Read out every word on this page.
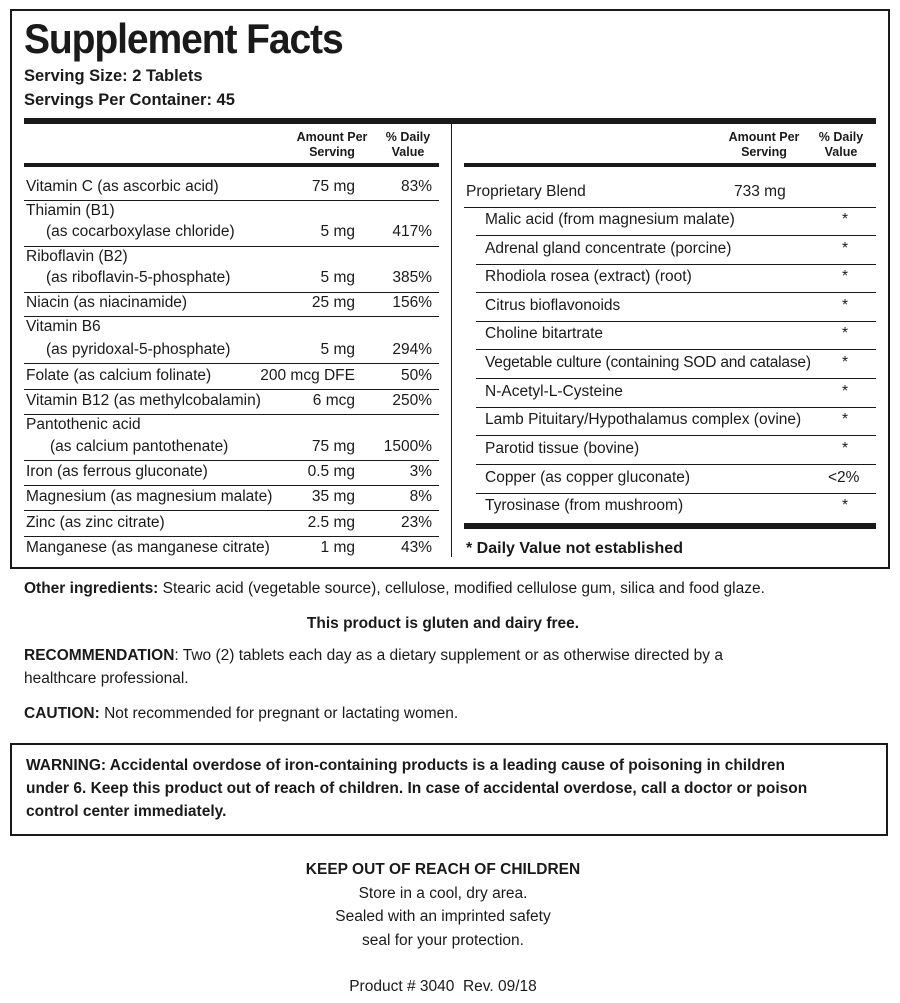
Supplement Facts
Serving Size: 2 Tablets
Servings Per Container: 45
Amount Per
Serving
% Daily
Value
Amount Per
Serving
% Daily
Value
Vitamin C (as ascorbic acid)	75 mg	83%
Thiamin (B1)
(as cocarboxylase chloride)	5 mg	417%
Riboflavin (B2)
(as riboflavin-5-phosphate)	5 mg	385%
Niacin (as niacinamide)	25 mg	156%
Vitamin B6
(as pyridoxal-5-phosphate)	5 mg	294%
Folate (as calcium folinate)	200 mcg DFE	50%
Vitamin B12 (as methylcobalamin)	6 mcg	250%
Pantothenic acid
(as calcium pantothenate)	75 mg	1500%
Iron (as ferrous gluconate)	0.5 mg	3%
Magnesium (as magnesium malate)	35 mg	8%
Zinc (as zinc citrate)	2.5 mg	23%
Manganese (as manganese citrate)	1 mg	43%
Proprietary Blend	733 mg
Malic acid (from magnesium malate)	*
Adrenal gland concentrate (porcine)	*
Rhodiola rosea (extract) (root)	*
Citrus bioflavonoids	*
Choline bitartrate	*
Vegetable culture (containing SOD and catalase) *
N-Acetyl-L-Cysteine	*
Lamb Pituitary/Hypothalamus complex (ovine)	*
Parotid tissue (bovine)	*
Copper (as copper gluconate)	<2%
Tyrosinase (from mushroom)	*
* Daily Value not established
Other ingredients: Stearic acid (vegetable source), cellulose, modified cellulose gum, silica and food glaze.
This product is gluten and dairy free.
RECOMMENDATION: Two (2) tablets each day as a dietary supplement or as otherwise directed by a
healthcare professional.
CAUTION: Not recommended for pregnant or lactating women.
WARNING: Accidental overdose of iron-containing products is a leading cause of poisoning in children
under 6. Keep this product out of reach of children. In case of accidental overdose, call a doctor or poison
control center immediately.
KEEP OUT OF REACH OF CHILDREN
Store in a cool, dry area.
Sealed with an imprinted safety
seal for your protection.
Product # 3040  Rev. 09/18
